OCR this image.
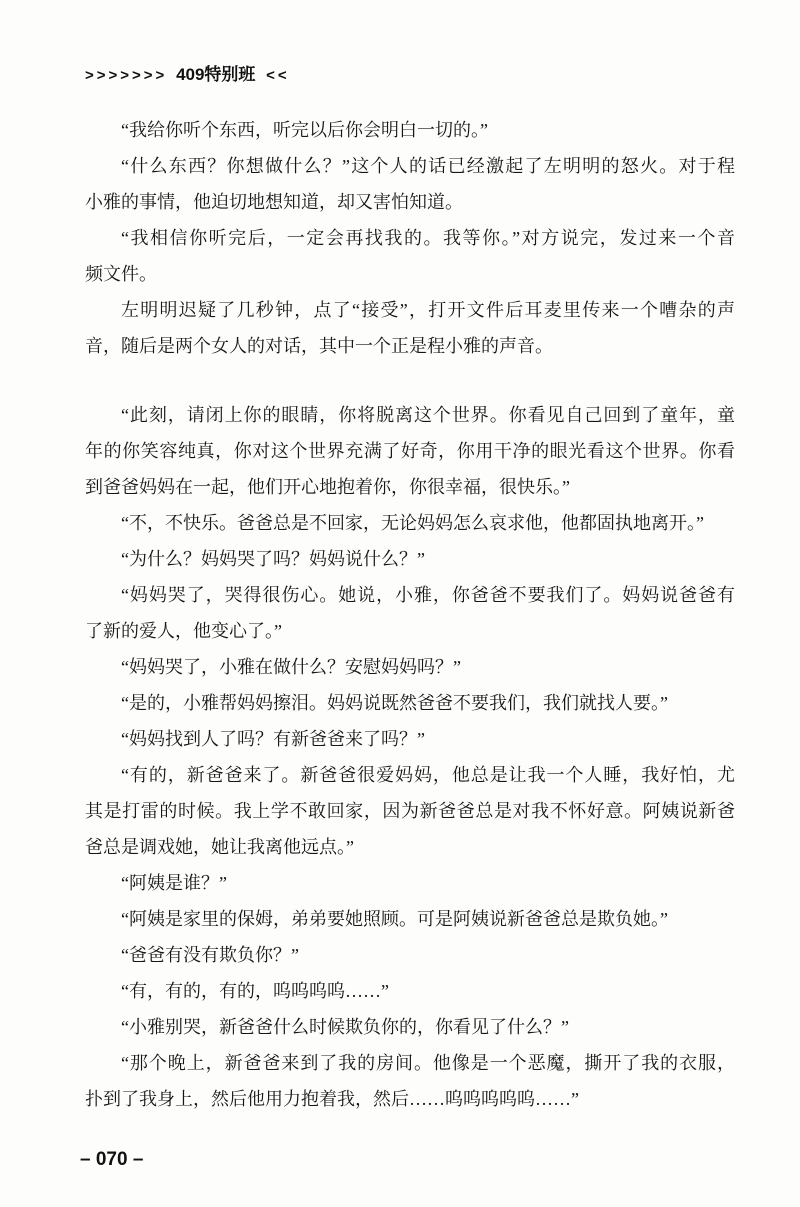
>>>>>>> 409特别班 <<
“我给你听个东西，听完以后你会明白一切的。”
“什么东西？你想做什么？”这个人的话已经激起了左明明的怒火。对于程
小雅的事情，他迫切地想知道，却又害怕知道。
“我相信你听完后，一定会再找我的。我等你。”对方说完，发过来一个音
频文件。
左明明迟疑了几秒钟，点了“接受”，打开文件后耳麦里传来一个嘈杂的声
音，随后是两个女人的对话，其中一个正是程小雅的声音。
“此刻，请闭上你的眼睛，你将脱离这个世界。你看见自己回到了童年，童
年的你笑容纯真，你对这个世界充满了好奇，你用干净的眼光看这个世界。你看
到爸爸妈妈在一起，他们开心地抱着你，你很幸福，很快乐。”
“不，不快乐。爸爸总是不回家，无论妈妈怎么哀求他，他都固执地离开。”
“为什么？妈妈哭了吗？妈妈说什么？”
“妈妈哭了，哭得很伤心。她说，小雅，你爸爸不要我们了。妈妈说爸爸有
了新的爱人，他变心了。”
“妈妈哭了，小雅在做什么？安慰妈妈吗？”
“是的，小雅帮妈妈擦泪。妈妈说既然爸爸不要我们，我们就找人要。”
“妈妈找到人了吗？有新爸爸来了吗？”
“有的，新爸爸来了。新爸爸很爱妈妈，他总是让我一个人睡，我好怕，尤
其是打雷的时候。我上学不敢回家，因为新爸爸总是对我不怀好意。阿姨说新爸
爸总是调戏她，她让我离他远点。”
“阿姨是谁？”
“阿姨是家里的保姆，弟弟要她照顾。可是阿姨说新爸爸总是欺负她。”
“爸爸有没有欺负你？”
“有，有的，有的，呜呜呜呜……”
“小雅别哭，新爸爸什么时候欺负你的，你看见了什么？”
“那个晚上，新爸爸来到了我的房间。他像是一个恶魔，撕开了我的衣服，
扑到了我身上，然后他用力抱着我，然后……呜呜呜呜呜……”
– 070 –
